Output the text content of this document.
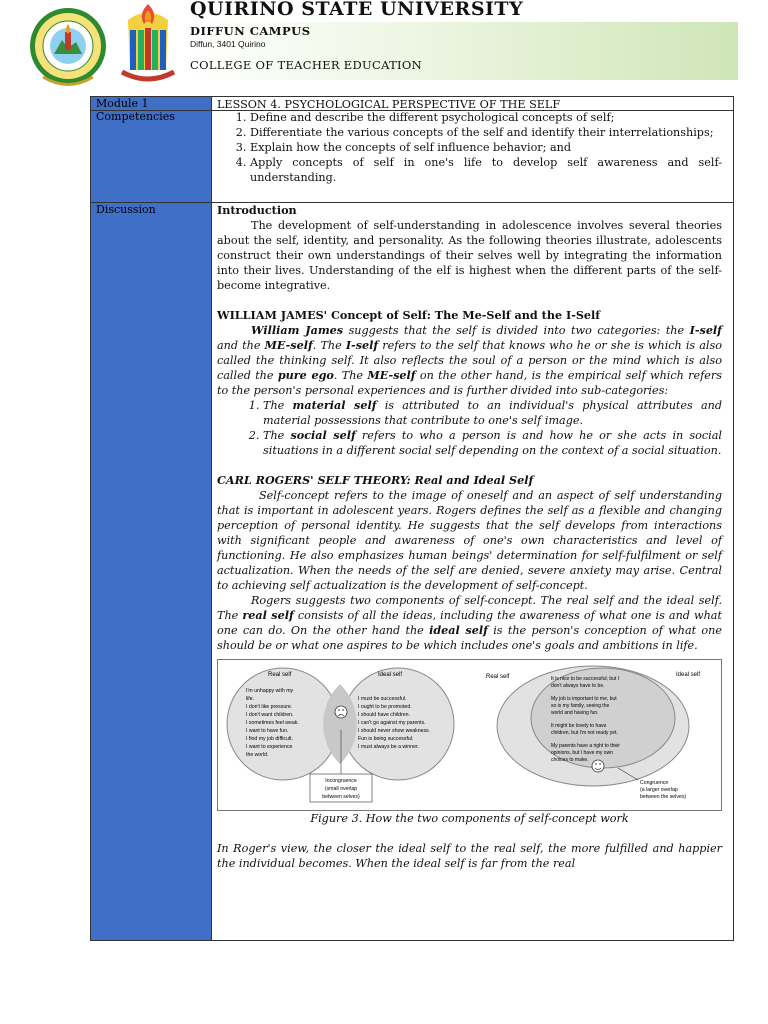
QUIRINO STATE UNIVERSITY
DIFFUN CAMPUS
Diffun, 3401 Quirino
COLLEGE OF TEACHER EDUCATION
Module 1
Competencies
Discussion
LESSON 4. PSYCHOLOGICAL PERSPECTIVE OF THE SELF
1. Define and describe the different psychological concepts of self;
2. Differentiate the various concepts of the self and identify their interrelationships;
3. Explain how the concepts of self influence behavior; and
4. Apply concepts of self in one's life to develop self awareness and self-understanding.

Introduction

The development of self-understanding in adolescence involves several theories about the self, identity, and personality. As the following theories illustrate, adolescents construct their own understandings of their selves well by integrating the information into their lives. Understanding of the elf is highest when the different parts of the self-become integrative.

WILLIAM JAMES' Concept of Self: The Me-Self and the I-Self

William James suggests that the self is divided into two categories: the I-self and the ME-self. The I-self refers to the self that knows who he or she is which is also called the thinking self. It also reflects the soul of a person or the mind which is also called the pure ego. The ME-self on the other hand, is the empirical self which refers to the person's personal experiences and is further divided into sub-categories:

1. The material self is attributed to an individual's physical attributes and material possessions that contribute to one's self image.
2. The social self refers to who a person is and how he or she acts in social situations in a different social self depending on the context of a social situation.

CARL ROGERS' SELF THEORY: Real and Ideal Self

Self-concept refers to the image of oneself and an aspect of self understanding that is important in adolescent years. Rogers defines the self as a flexible and changing perception of personal identity. He suggests that the self develops from interactions with significant people and awareness of one's own characteristics and level of functioning. He also emphasizes human beings' determination for self-fulfilment or self actualization. When the needs of the self are denied, severe anxiety may arise. Central to achieving self actualization is the development of self-concept.

Rogers suggests two components of self-concept. The real self and the ideal self. The real self consists of all the ideas, including the awareness of what one is and what one can do. On the other hand the ideal self is the person's conception of what one should be or what one aspires to be which includes one's goals and ambitions in life.

Real self	Ideal self
I'm unhappy with my
life.
I don't like pressure.
I don't want children.
I sometimes feel weak.
I want to have fun.
I find my job difficult.
I want to experience
the world.
I must be successful.
I ought to be promoted.
I should have children.
I can't go against my parents.
I should never show weakness.
Fun is being successful.
I must always be a winner.
Incongruence
(small overlap
between selves)
Real self	Ideal self
It is nice to be successful, but I
don't always have to be.
My job is important to me, but
so is my family, seeing the
world and having fun.
It might be lovely to have
children, but I'm not ready yet.
My parents have a right to their
opinions, but I have my own
choices to make.
Congruence
(a larger overlap
between the selves)

Figure 3. How the two components of self-concept work

In Roger's view, the closer the ideal self to the real self, the more fulfilled and happier the individual becomes. When the ideal self is far from the real
